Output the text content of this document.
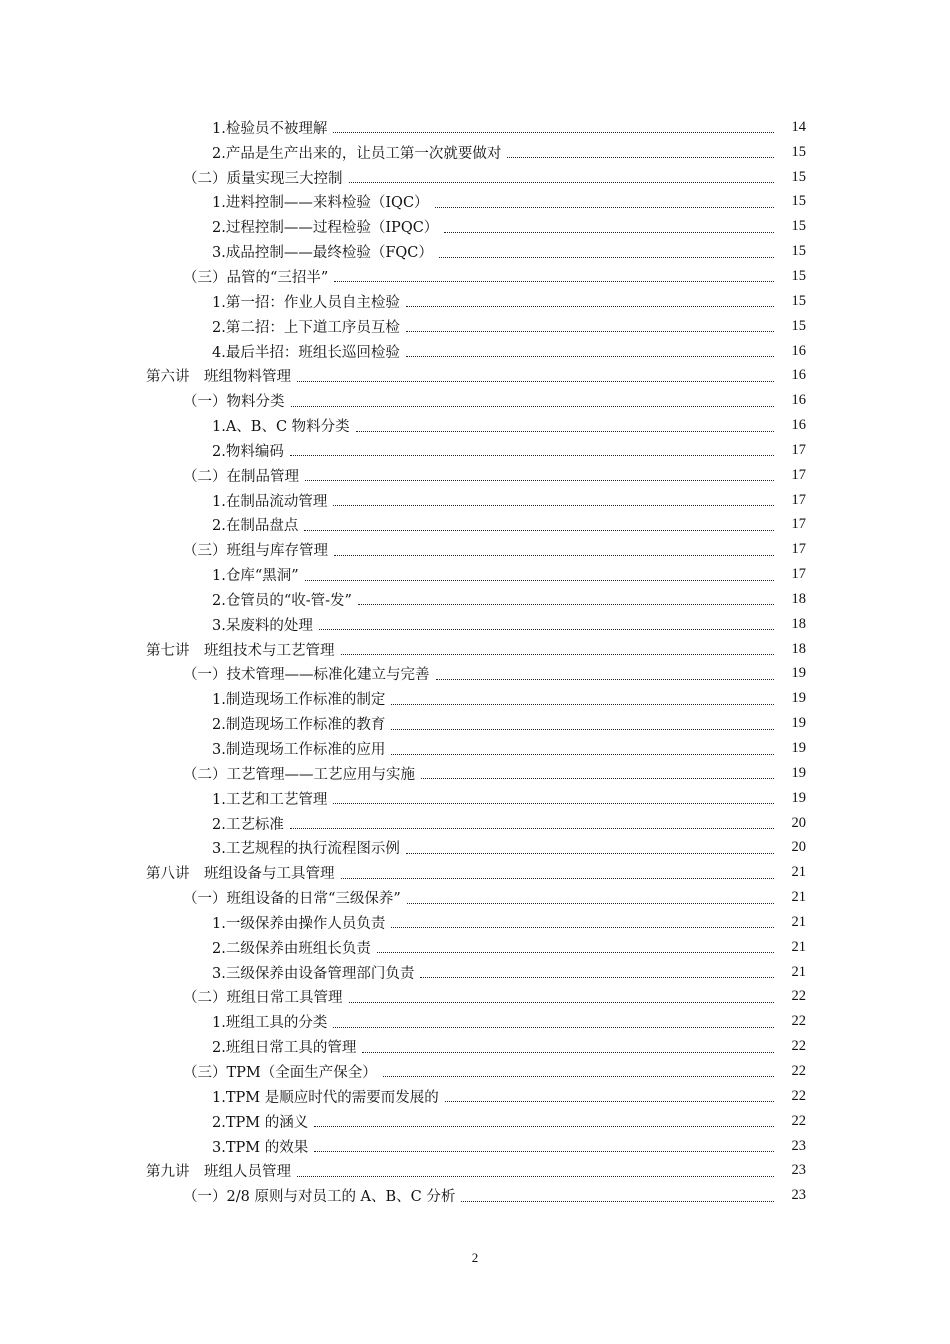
1.检验员不被理解	14
2.产品是生产出来的，让员工第一次就要做对	15
（二）质量实现三大控制	15
1.进料控制——来料检验（IQC）	15
2.过程控制——过程检验（IPQC）	15
3.成品控制——最终检验（FQC）	15
（三）品管的“三招半”	15
1.第一招：作业人员自主检验	15
2.第二招：上下道工序员互检	15
4.最后半招：班组长巡回检验	16
第六讲　班组物料管理	16
（一）物料分类	16
1.A、B、C 物料分类	16
2.物料编码	17
（二）在制品管理	17
1.在制品流动管理	17
2.在制品盘点	17
（三）班组与库存管理	17
1.仓库“黑洞”	17
2.仓管员的“收-管-发”	18
3.呆废料的处理	18
第七讲　班组技术与工艺管理	18
（一）技术管理——标准化建立与完善	19
1.制造现场工作标准的制定	19
2.制造现场工作标准的教育	19
3.制造现场工作标准的应用	19
（二）工艺管理——工艺应用与实施	19
1.工艺和工艺管理	19
2.工艺标准	20
3.工艺规程的执行流程图示例	20
第八讲　班组设备与工具管理	21
（一）班组设备的日常“三级保养”	21
1.一级保养由操作人员负责	21
2.二级保养由班组长负责	21
3.三级保养由设备管理部门负责	21
（二）班组日常工具管理	22
1.班组工具的分类	22
2.班组日常工具的管理	22
（三）TPM（全面生产保全）	22
1.TPM 是顺应时代的需要而发展的	22
2.TPM 的涵义	22
3.TPM 的效果	23
第九讲　班组人员管理	23
（一）2/8 原则与对员工的 A、B、C 分析	23
2
